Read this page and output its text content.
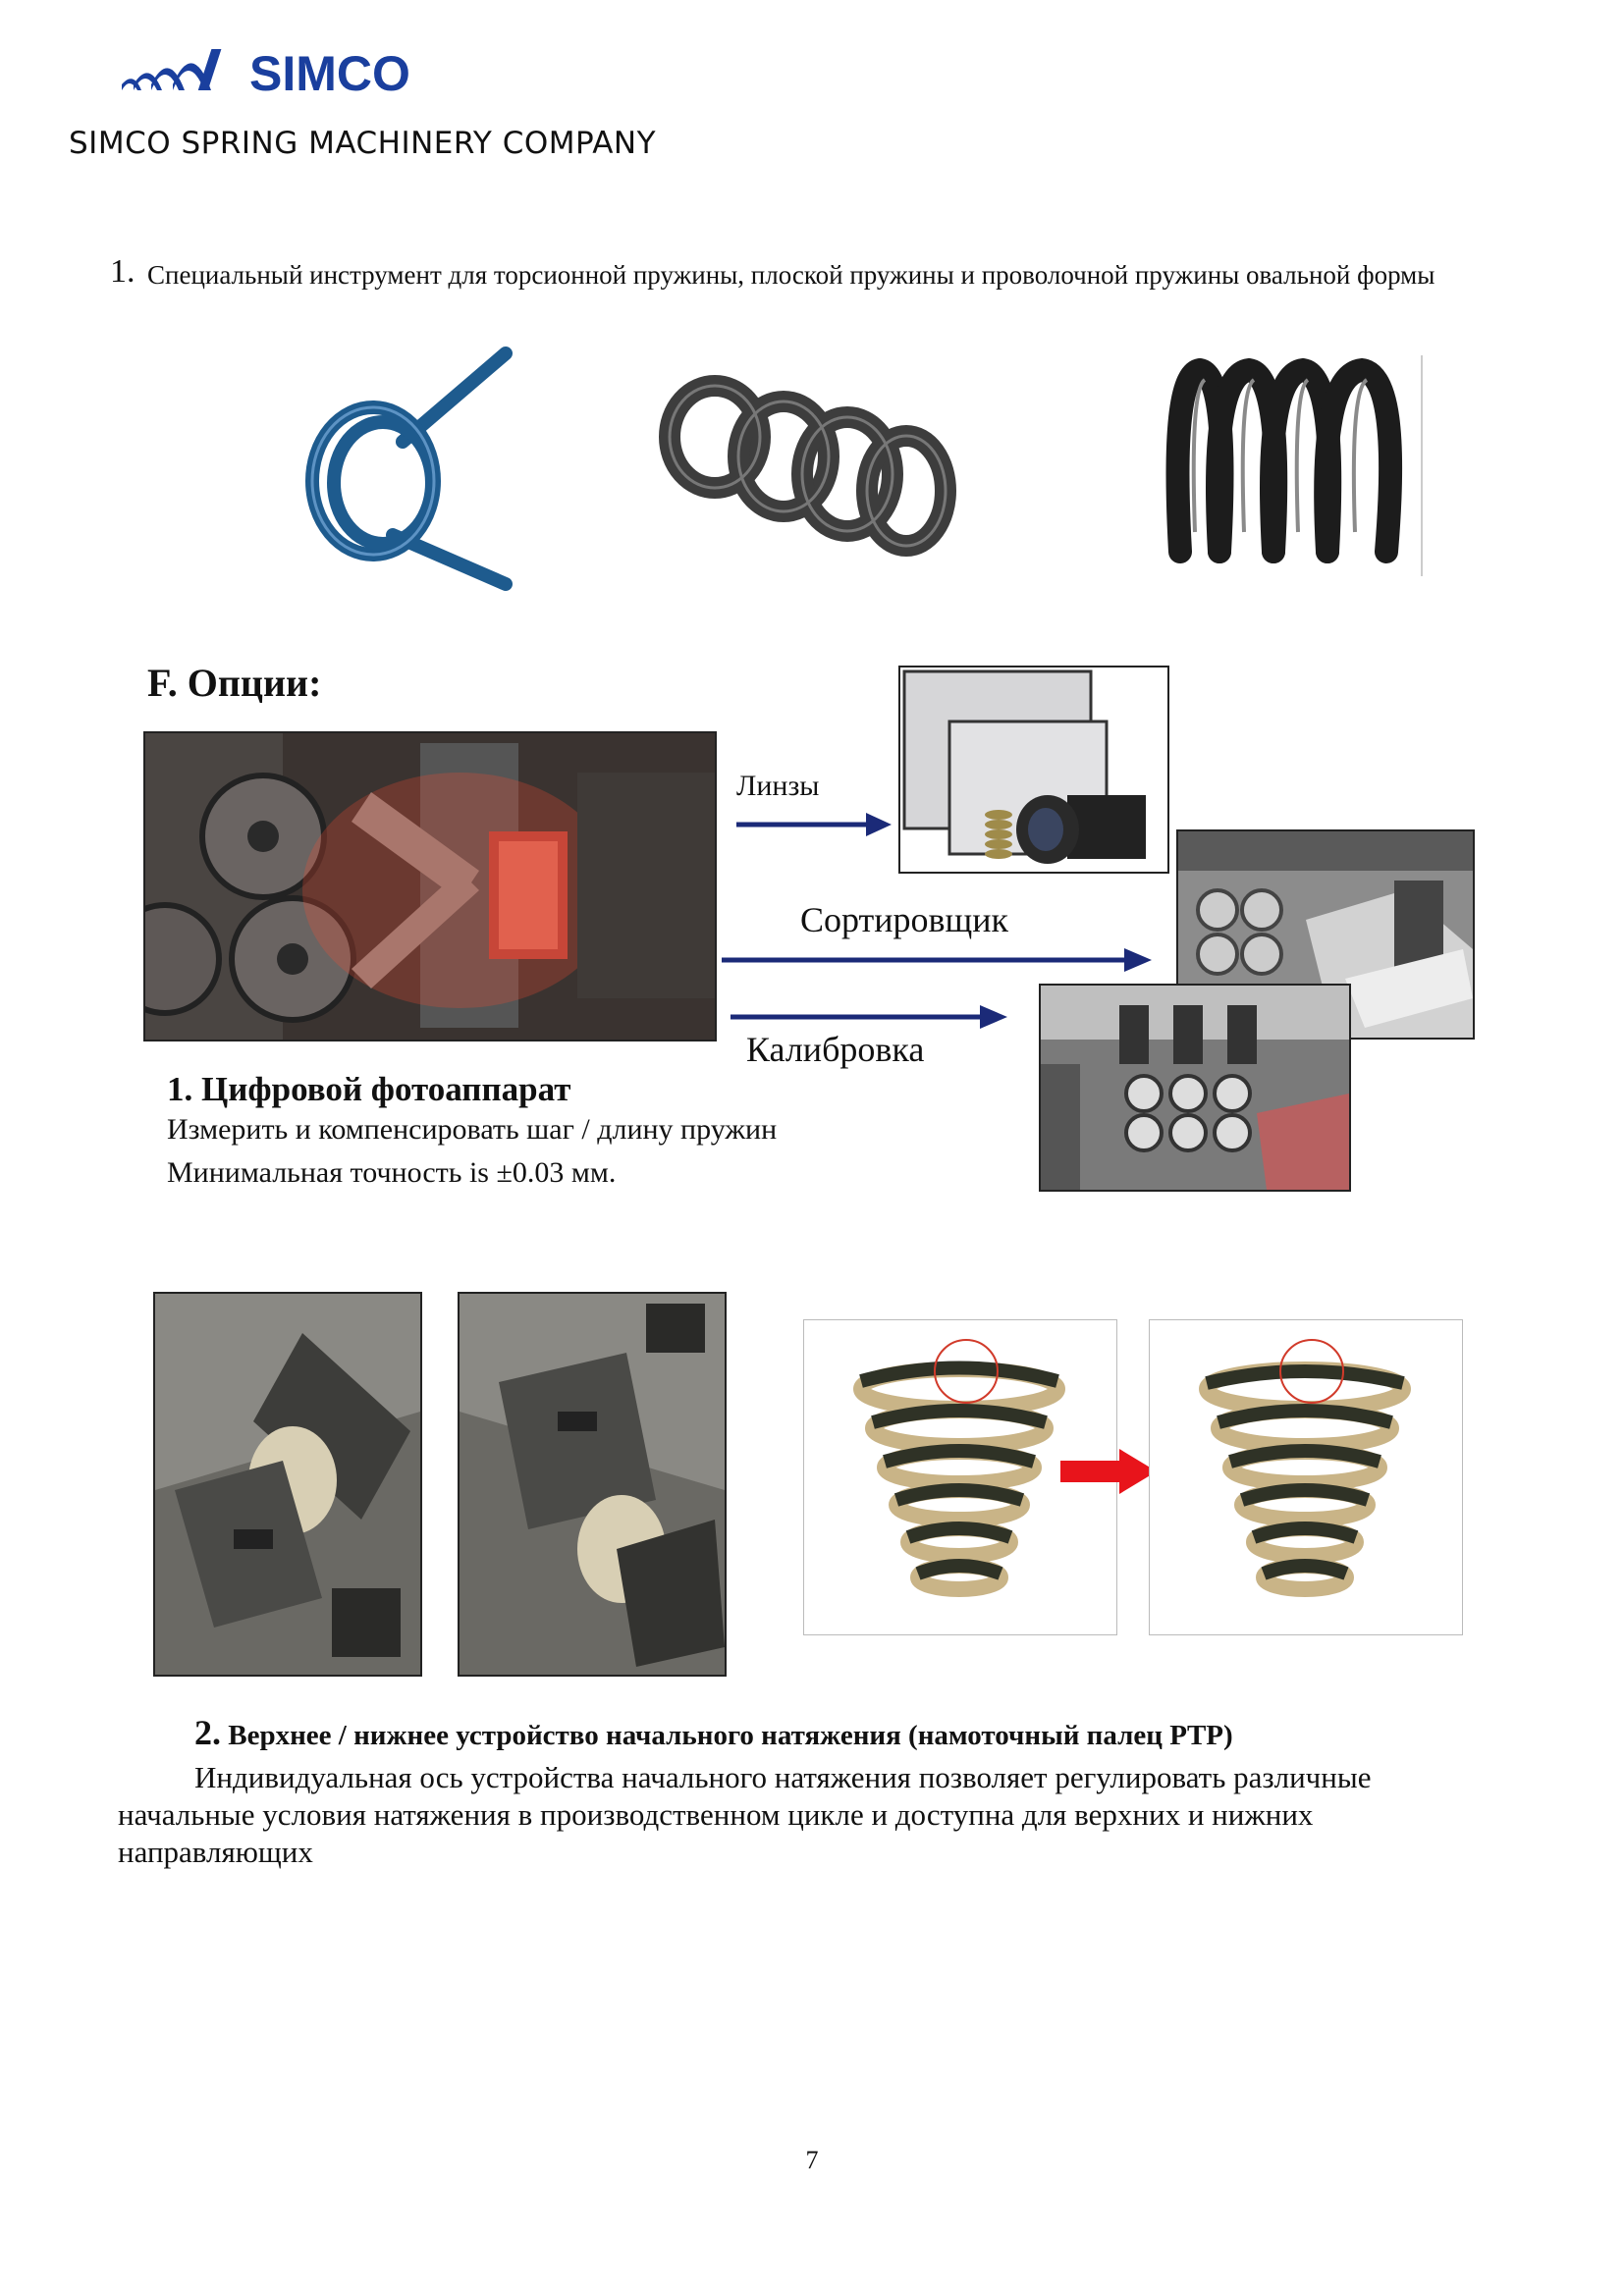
SIMCO
SIMCO SPRING MACHINERY COMPANY
1. Специальный инструмент для торсионной пружины, плоской пружины и проволочной пружины овальной формы
F. Опции:
Линзы
Сортировщик
Калибровка
1. Цифровой фотоаппарат
Измерить и компенсировать шаг / длину пружин
Минимальная точность is ±0.03 мм.
2. Верхнее / нижнее устройство начального натяжения (намоточный палец PTP)
Индивидуальная ось устройства начального натяжения позволяет регулировать различные начальные условия натяжения в производственном цикле и доступна для верхних и нижних направляющих
7
